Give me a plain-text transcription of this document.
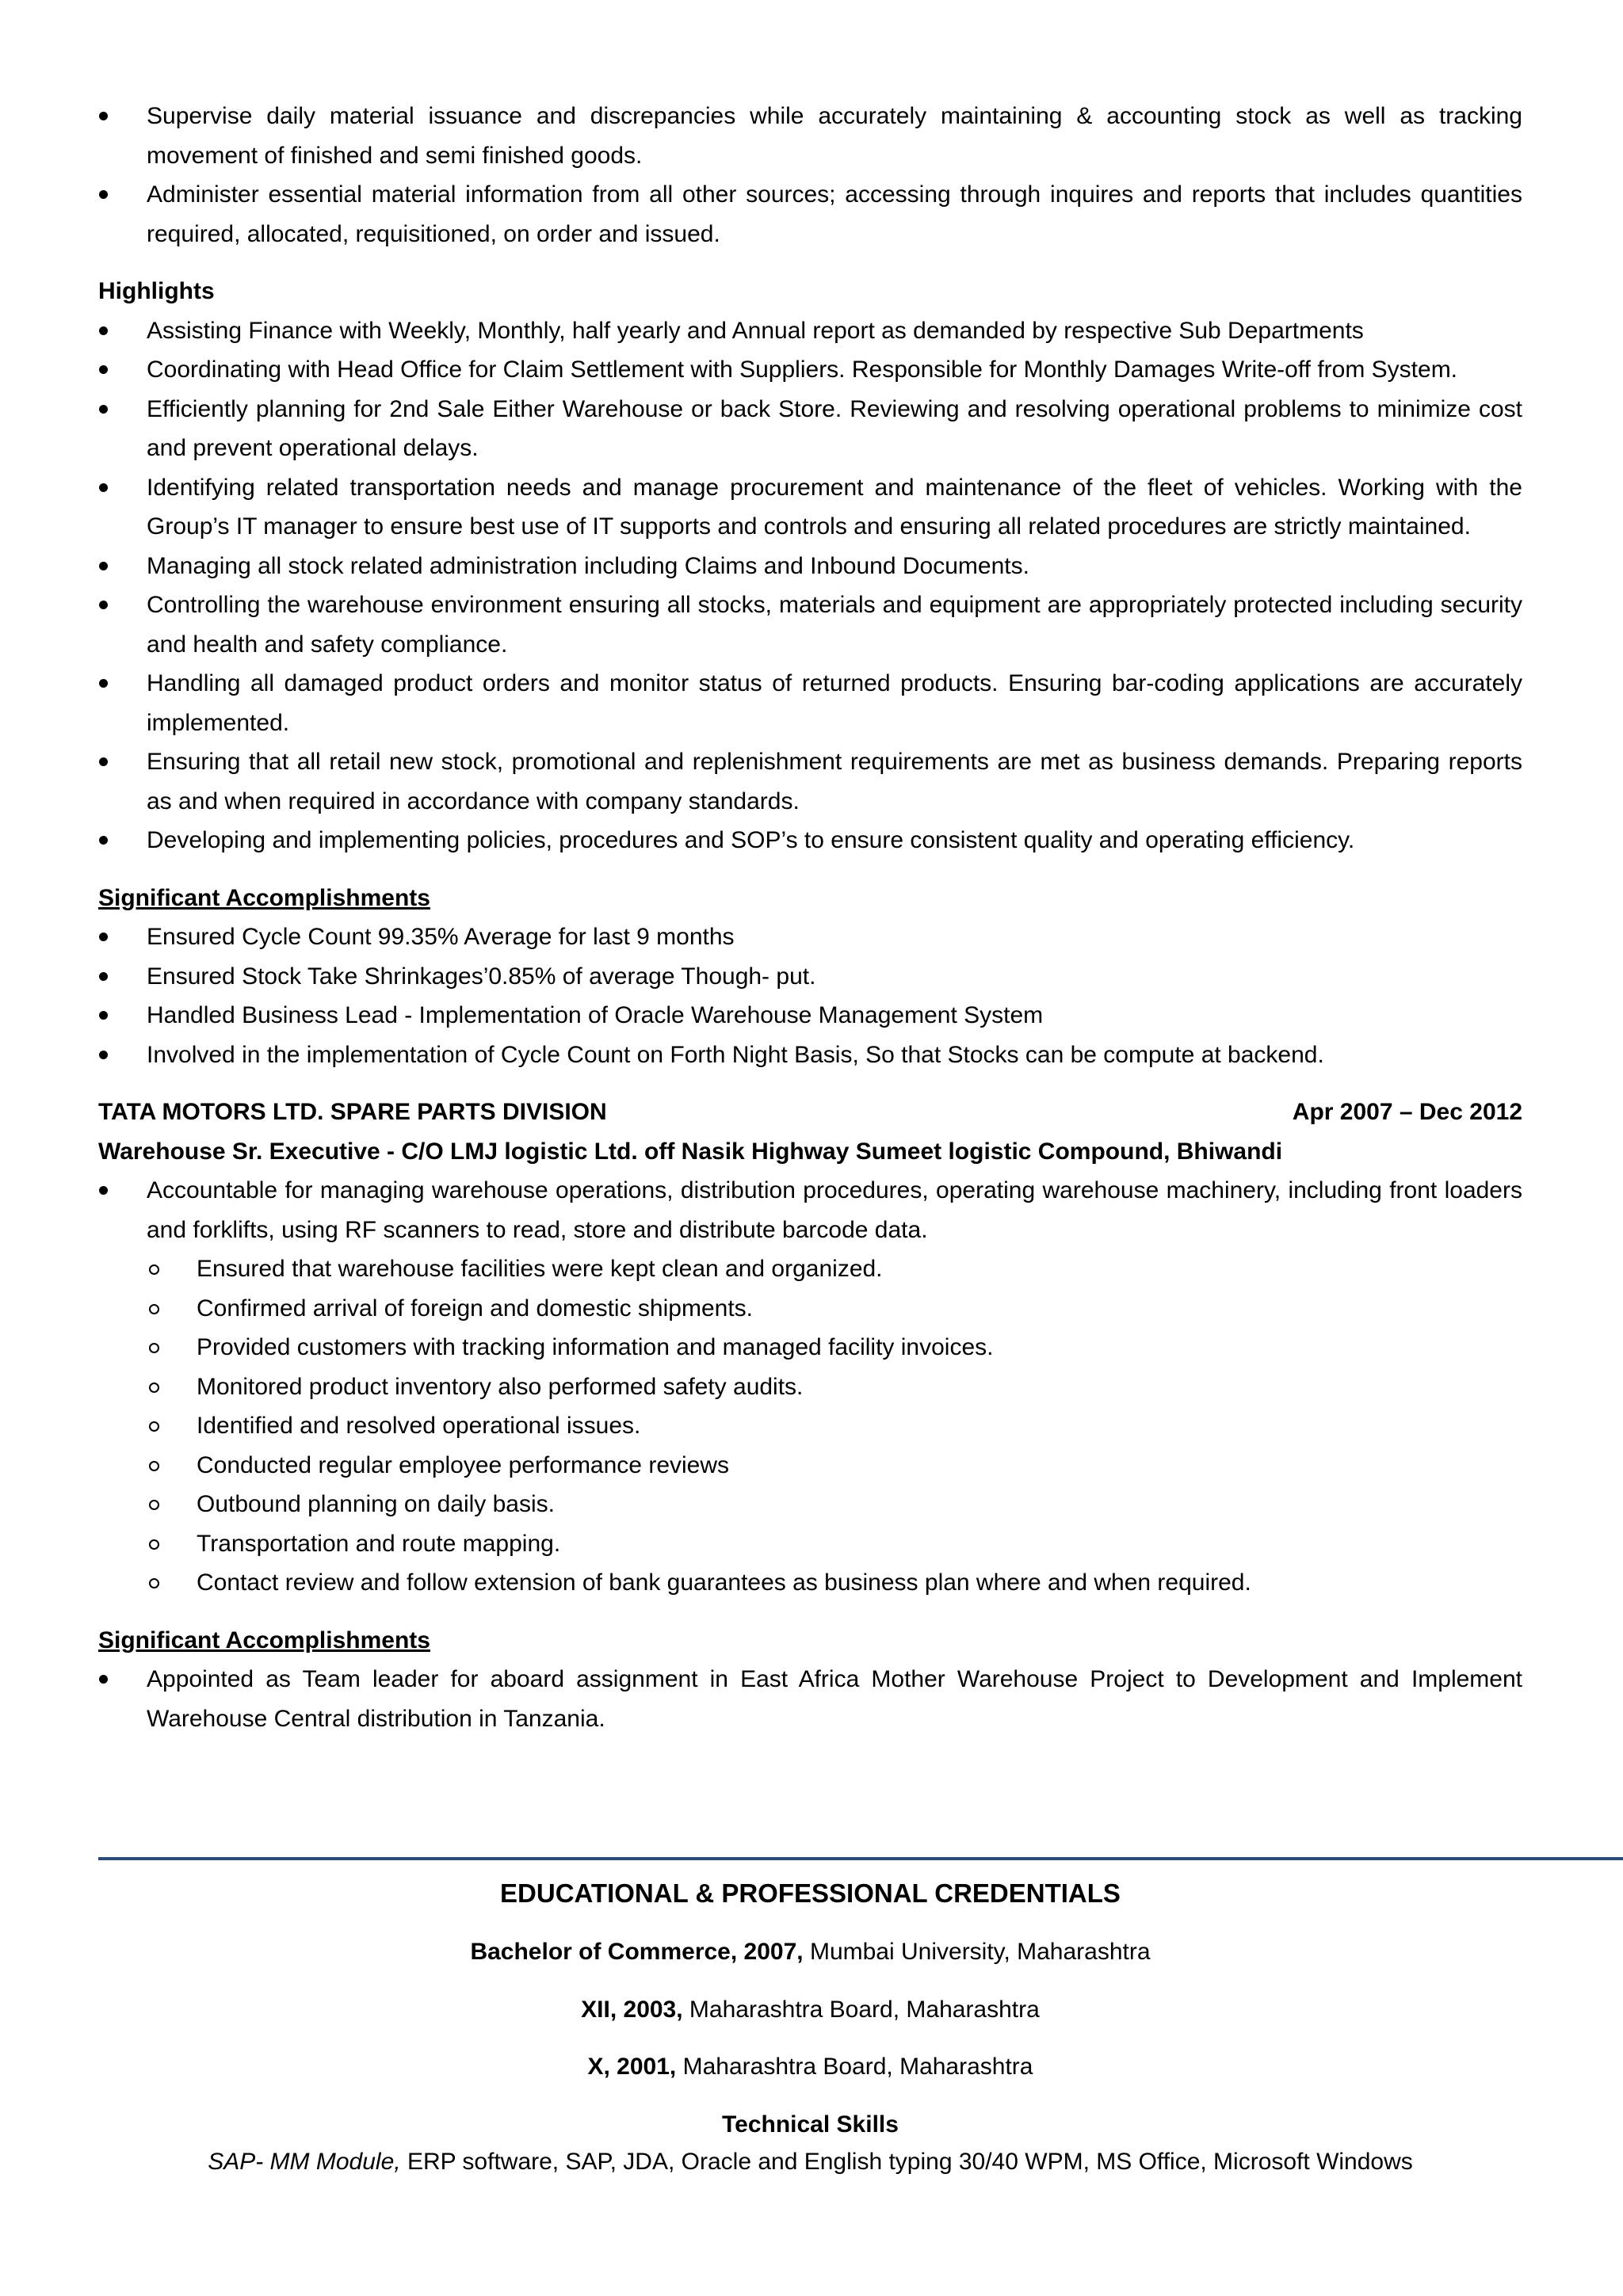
Supervise daily material issuance and discrepancies while accurately maintaining & accounting stock as well as tracking movement of finished and semi finished goods.
Administer essential material information from all other sources; accessing through inquires and reports that includes quantities required, allocated, requisitioned, on order and issued.
Highlights
Assisting Finance with Weekly, Monthly, half yearly and Annual report as demanded by respective Sub Departments
Coordinating with Head Office for Claim Settlement with Suppliers. Responsible for Monthly Damages Write-off from System.
Efficiently planning for 2nd Sale Either Warehouse or back Store. Reviewing and resolving operational problems to minimize cost and prevent operational delays.
Identifying related transportation needs and manage procurement and maintenance of the fleet of vehicles. Working with the Group’s IT manager to ensure best use of IT supports and controls and ensuring all related procedures are strictly maintained.
Managing all stock related administration including Claims and Inbound Documents.
Controlling the warehouse environment ensuring all stocks, materials and equipment are appropriately protected including security and health and safety compliance.
Handling all damaged product orders and monitor status of returned products. Ensuring bar-coding applications are accurately implemented.
Ensuring that all retail new stock, promotional and replenishment requirements are met as business demands. Preparing reports as and when required in accordance with company standards.
Developing and implementing policies, procedures and SOP’s to ensure consistent quality and operating efficiency.
Significant Accomplishments
Ensured Cycle Count 99.35% Average for last 9 months
Ensured Stock Take Shrinkages’0.85% of average Though- put.
Handled Business Lead - Implementation of Oracle Warehouse Management System
Involved in the implementation of Cycle Count on Forth Night Basis, So that Stocks can be compute at backend.
TATA MOTORS LTD. SPARE PARTS DIVISION	Apr 2007 – Dec 2012
Warehouse Sr. Executive - C/O LMJ logistic Ltd. off Nasik Highway Sumeet logistic Compound, Bhiwandi
Accountable for managing warehouse operations, distribution procedures, operating warehouse machinery, including front loaders and forklifts, using RF scanners to read, store and distribute barcode data.
Ensured that warehouse facilities were kept clean and organized.
Confirmed arrival of foreign and domestic shipments.
Provided customers with tracking information and managed facility invoices.
Monitored product inventory also performed safety audits.
Identified and resolved operational issues.
Conducted regular employee performance reviews
Outbound planning on daily basis.
Transportation and route mapping.
Contact review and follow extension of bank guarantees as business plan where and when required.
Significant Accomplishments
Appointed as Team leader for aboard assignment in East Africa Mother Warehouse Project to Development and Implement Warehouse Central distribution in Tanzania.
EDUCATIONAL & PROFESSIONAL CREDENTIALS
Bachelor of Commerce, 2007, Mumbai University, Maharashtra
XII, 2003, Maharashtra Board, Maharashtra
X, 2001, Maharashtra Board, Maharashtra
Technical Skills
SAP- MM Module, ERP software, SAP, JDA, Oracle and English typing 30/40 WPM, MS Office, Microsoft Windows
